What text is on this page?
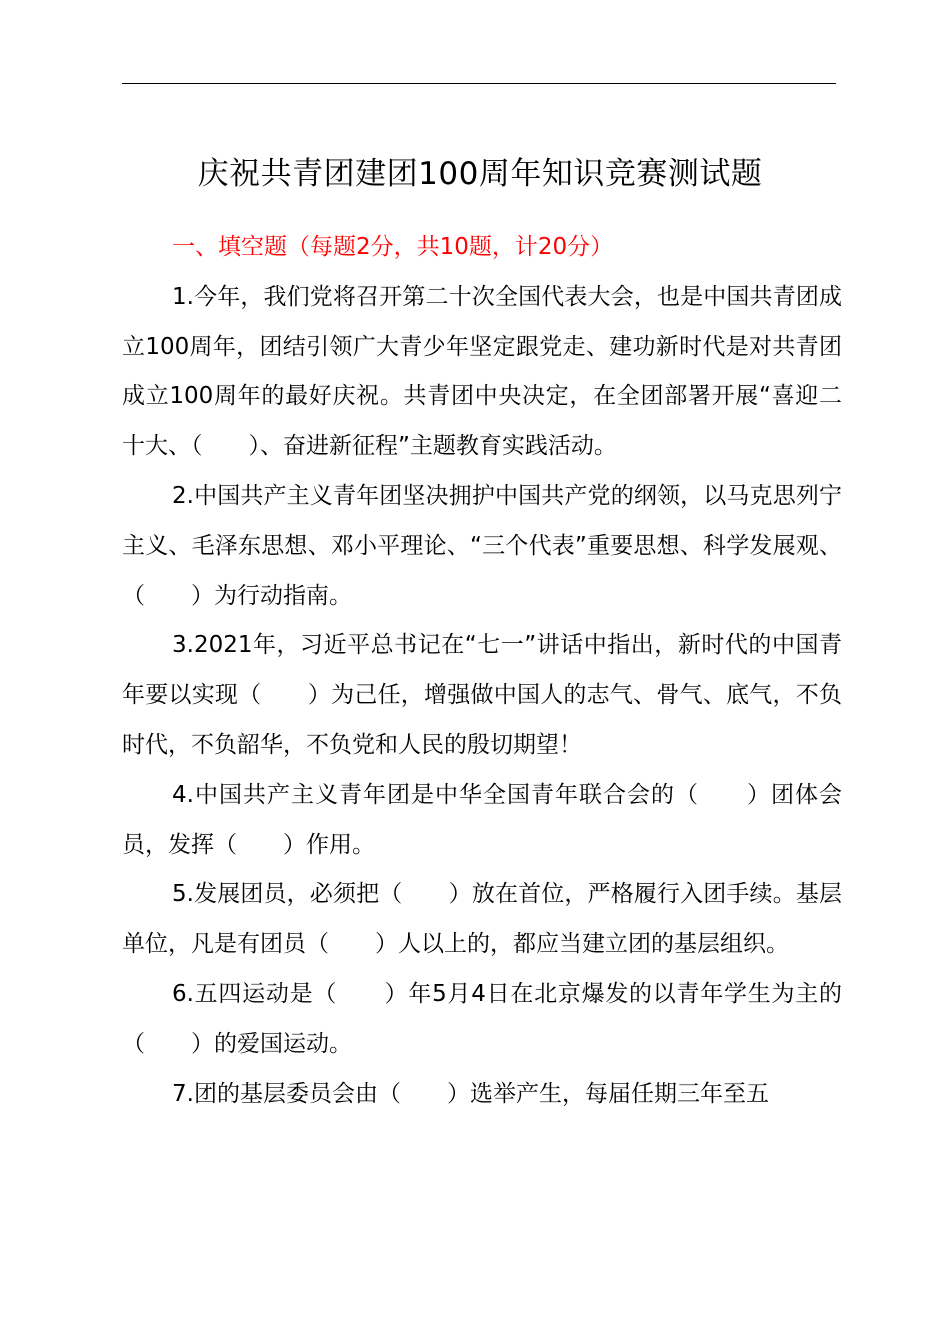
庆祝共青团建团100周年知识竞赛测试题

一、填空题（每题2分，共10题，计20分）

1.今年，我们党将召开第二十次全国代表大会，也是中国共青团成立100周年，团结引领广大青少年坚定跟党走、建功新时代是对共青团成立100周年的最好庆祝。共青团中央决定，在全团部署开展“喜迎二十大、（　　）、奋进新征程”主题教育实践活动。

2.中国共产主义青年团坚决拥护中国共产党的纲领，以马克思列宁主义、毛泽东思想、邓小平理论、“三个代表”重要思想、科学发展观、（　　）为行动指南。

3.2021年，习近平总书记在“七一”讲话中指出，新时代的中国青年要以实现（　　）为己任，增强做中国人的志气、骨气、底气，不负时代，不负韶华，不负党和人民的殷切期望！

4.中国共产主义青年团是中华全国青年联合会的（　　）团体会员，发挥（　　）作用。

5.发展团员，必须把（　　）放在首位，严格履行入团手续。基层单位，凡是有团员（　　）人以上的，都应当建立团的基层组织。

6.五四运动是（　　）年5月4日在北京爆发的以青年学生为主的（　　）的爱国运动。

7.团的基层委员会由（　　）选举产生，每届任期三年至五
